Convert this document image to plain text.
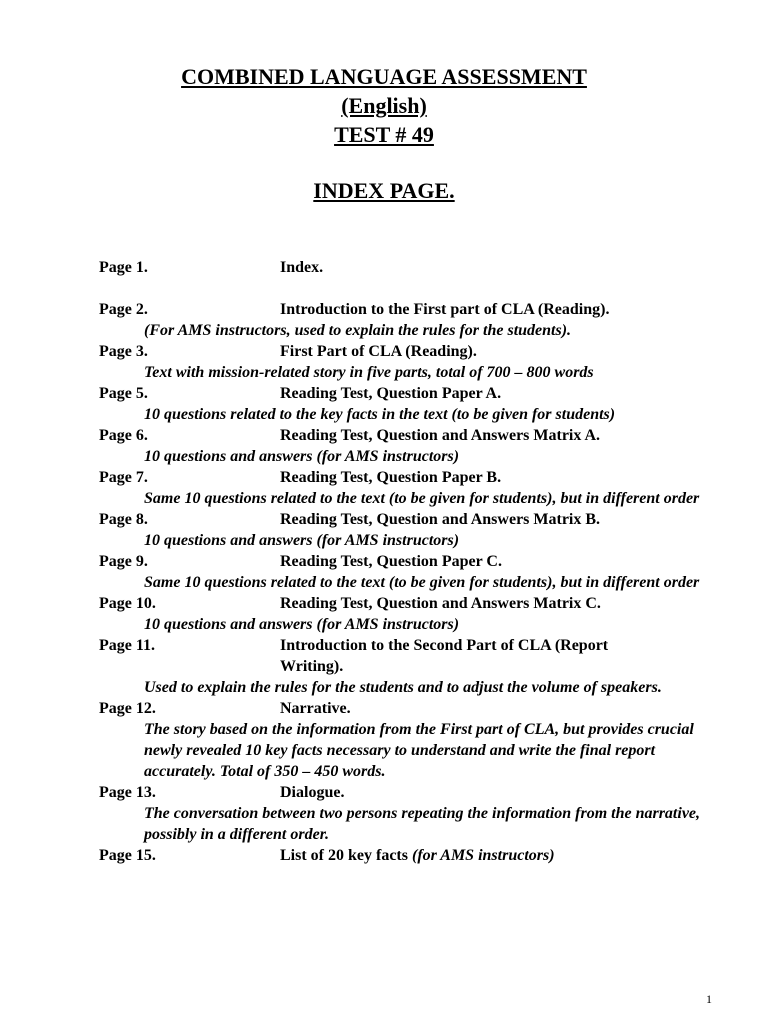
COMBINED LANGUAGE ASSESSMENT
(English)
TEST # 49
INDEX PAGE.
Page 1.	Index.
Page 2.	Introduction to the First part of CLA (Reading).
(For AMS instructors, used to explain the rules for the students).
Page 3.	First Part of CLA (Reading).
Text with mission-related story in five parts, total of 700 – 800 words
Page 5.	Reading Test, Question Paper A.
10 questions related to the key facts in the text (to be given for students)
Page 6.	Reading Test, Question and Answers Matrix A.
10 questions and answers (for AMS instructors)
Page 7.	Reading Test, Question Paper B.
Same 10 questions related to the text (to be given for students), but in different order
Page 8.	Reading Test, Question and Answers Matrix B.
10 questions and answers (for AMS instructors)
Page 9.	Reading Test, Question Paper C.
Same 10 questions related to the text (to be given for students), but in different order
Page 10.	Reading Test, Question and Answers Matrix C.
10 questions and answers (for AMS instructors)
Page 11.	Introduction to the Second Part of CLA (Report Writing).
Used to explain the rules for the students and to adjust the volume of speakers.
Page 12.	Narrative.
The story based on the information from the First part of CLA, but provides crucial newly revealed 10 key facts necessary to understand and write the final report accurately. Total of 350 – 450 words.
Page 13.	Dialogue.
The conversation between two persons repeating the information from the narrative, possibly in a different order.
Page 15.	List of 20 key facts (for AMS instructors)
1
